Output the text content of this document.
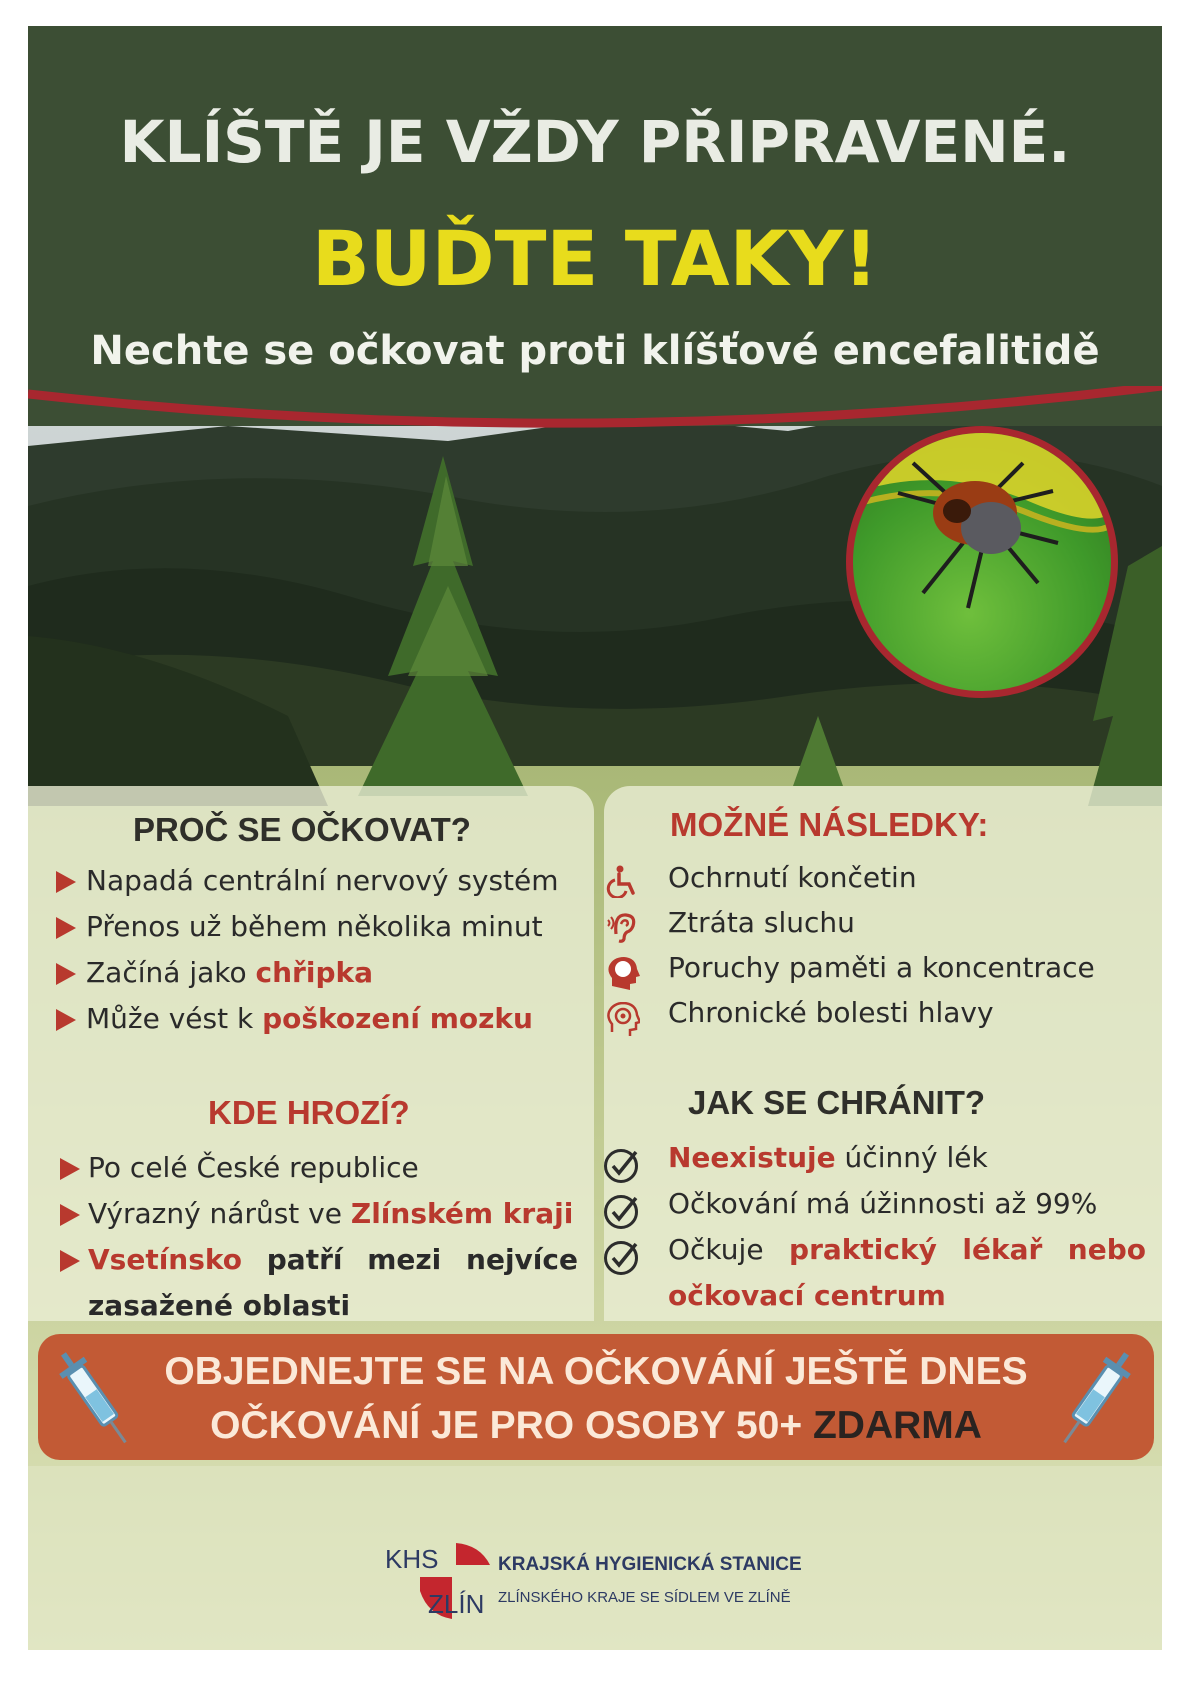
KLÍŠTĚ JE VŽDY PŘIPRAVENÉ.
BUĎTE TAKY!
Nechte se očkovat proti klíšťové encefalitidě
PROČ SE OČKOVAT?
Napadá centrální nervový systém
Přenos už během několika minut
Začíná jako chřipka
Může vést k poškození mozku
MOŽNÉ NÁSLEDKY:
Ochrnutí končetin
Ztráta sluchu
Poruchy paměti a koncentrace
Chronické bolesti hlavy
KDE HROZÍ?
Po celé České republice
Výrazný nárůst ve Zlínském kraji
Vsetínsko patří mezi nejvíce
zasažené oblasti
JAK SE CHRÁNIT?
Neexistuje účinný lék
Očkování má úžinnosti až 99%
Očkuje praktický lékař nebo
očkovací centrum
OBJEDNEJTE SE NA OČKOVÁNÍ JEŠTĚ DNES
OČKOVÁNÍ JE PRO OSOBY 50+ ZDARMA
KHS
ZLÍN
KRAJSKÁ HYGIENICKÁ STANICE
ZLÍNSKÉHO KRAJE SE SÍDLEM VE ZLÍNĚ
